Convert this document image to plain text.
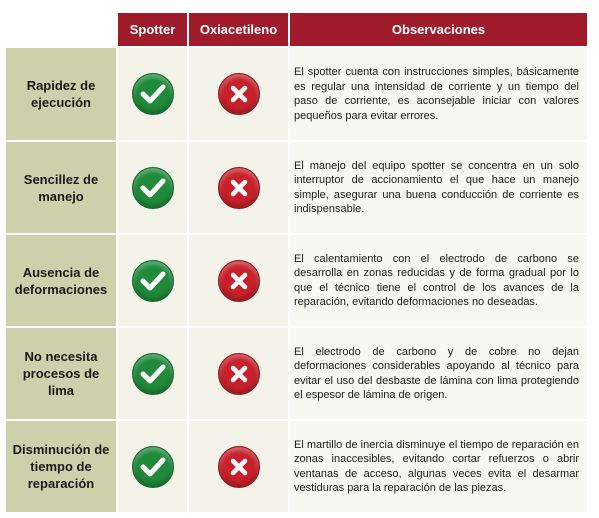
Spotter	Oxiacetileno	Observaciones
Rapidez de ejecución
El spotter cuenta con instrucciones simples, básicamente es regular una intensidad de corriente y un tiempo del paso de corriente, es aconsejable iniciar con valores pequeños para evitar errores.
Sencillez de manejo
El manejo del equipo spotter se concentra en un solo interruptor de accionamiento el que hace un manejo simple, asegurar una buena conducción de corriente es indispensable.
Ausencia de deformaciones
El calentamiento con el electrodo de carbono se desarrolla en zonas reducidas y de forma gradual por lo que el técnico tiene el control de los avances de la reparación, evitando deformaciones no deseadas.
No necesita procesos de lima
El electrodo de carbono y de cobre no dejan deformaciones considerables apoyando al técnico para evitar el uso del desbaste de lámina con lima protegiendo el espesor de lámina de origen.
Disminución de tiempo de reparación
El martillo de inercia disminuye el tiempo de reparación en zonas inaccesibles, evitando cortar refuerzos o abrir ventanas de acceso, algunas veces evita el desarmar vestiduras para la reparación de las piezas.
